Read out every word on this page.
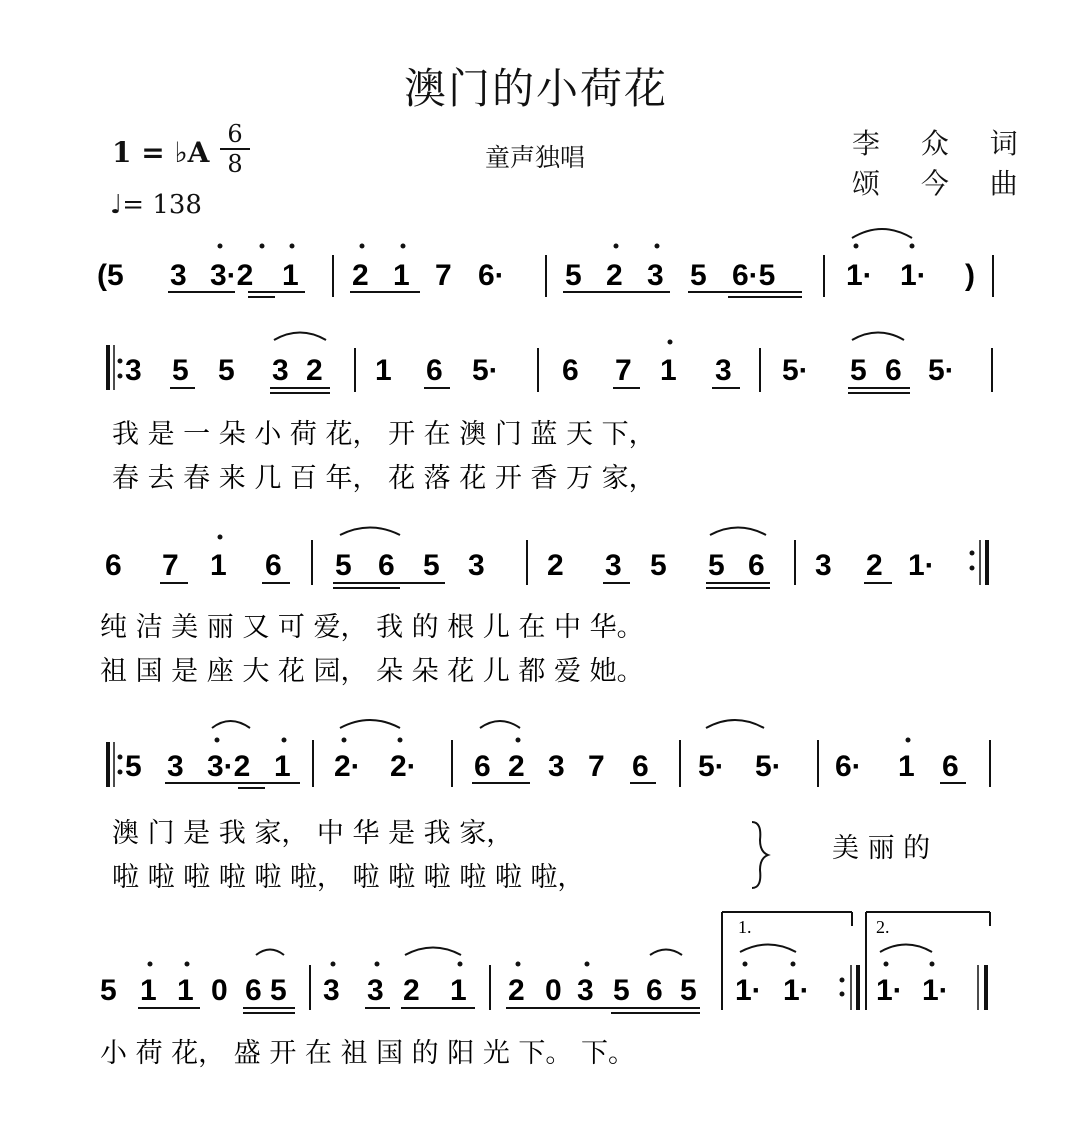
澳门的小荷花
1 = ♭A
6
8
♩= 138
童声独唱	李 众 词
颂 今 曲
(5 3 3·2 1 2 1 7 6· 5 2 3 5 6·5 1· 1· )
3 5 5 3 2 1 6 5· 6 7 1 3 5· 5 6 5·
我 是 一 朵 小 荷 花， 开 在 澳 门 蓝 天 下，
春 去 春 来 几 百 年， 花 落 花 开 香 万 家，
6 7 1 6 5 6 5 3 2 3 5 5 6 3 2 1·
纯 洁 美 丽 又 可 爱， 我 的 根 儿 在 中 华。
祖 国 是 座 大 花 园， 朵 朵 花 儿 都 爱 她。
5 3 3·2 1 2· 2· 6 2 3 7 6 5· 5· 6· 1 6
澳 门 是 我 家， 中 华 是 我 家，
啦 啦 啦 啦 啦 啦， 啦 啦 啦 啦 啦 啦，
美 丽 的
5 1 1 0 6 5 3 3 2 1 2 0 3 5 6 5
1.
1· 1·
2.
1· 1·
小 荷 花， 盛 开 在 祖 国 的 阳 光 下。 下。
